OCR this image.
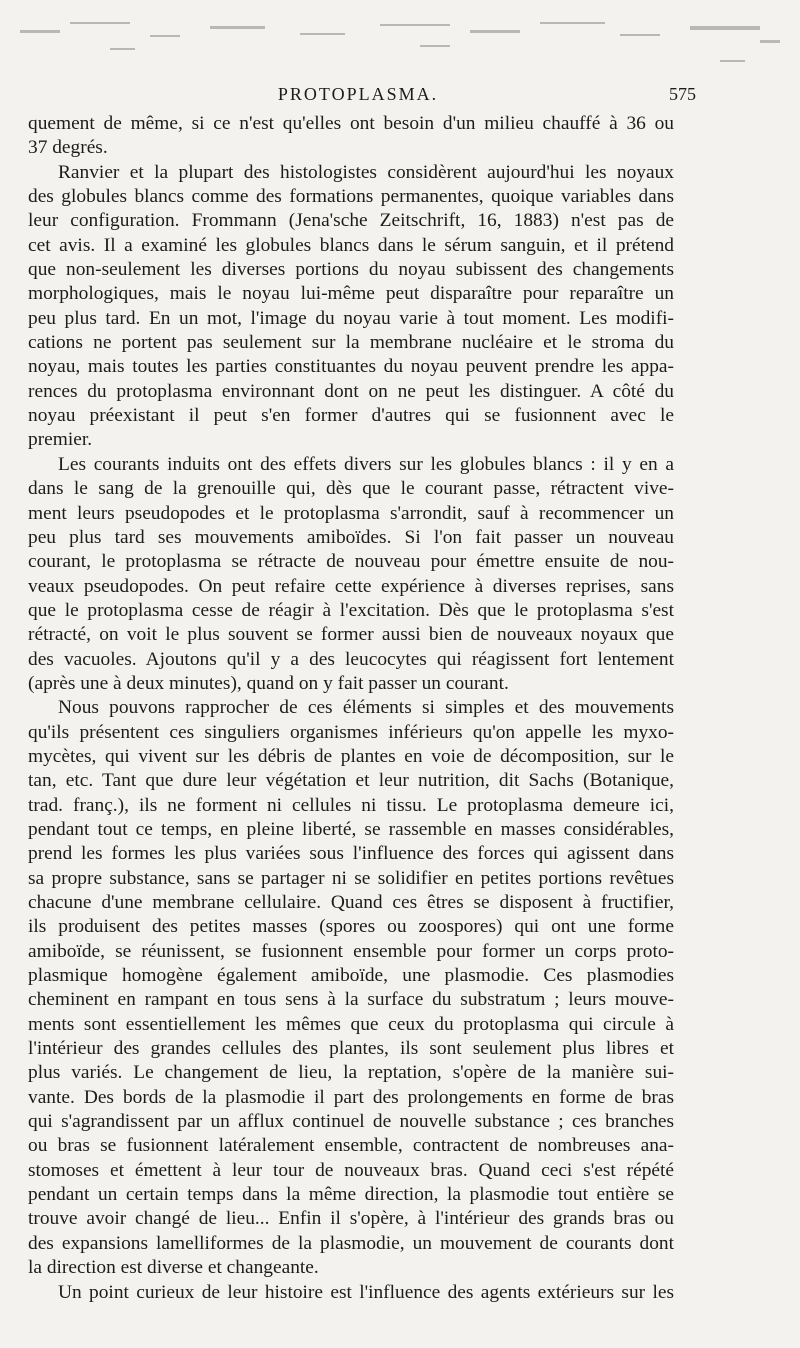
PROTOPLASMA.	575
quement de même, si ce n'est qu'elles ont besoin d'un milieu chauffé à 36 ou
37 degrés.
Ranvier et la plupart des histologistes considèrent aujourd'hui les noyaux
des globules blancs comme des formations permanentes, quoique variables dans
leur configuration. Frommann (Jena'sche Zeitschrift, 16, 1883) n'est pas de
cet avis. Il a examiné les globules blancs dans le sérum sanguin, et il prétend
que non-seulement les diverses portions du noyau subissent des changements
morphologiques, mais le noyau lui-même peut disparaître pour reparaître un
peu plus tard. En un mot, l'image du noyau varie à tout moment. Les modifi-
cations ne portent pas seulement sur la membrane nucléaire et le stroma du
noyau, mais toutes les parties constituantes du noyau peuvent prendre les appa-
rences du protoplasma environnant dont on ne peut les distinguer. A côté du
noyau préexistant il peut s'en former d'autres qui se fusionnent avec le
premier.
Les courants induits ont des effets divers sur les globules blancs : il y en a
dans le sang de la grenouille qui, dès que le courant passe, rétractent vive-
ment leurs pseudopodes et le protoplasma s'arrondit, sauf à recommencer un
peu plus tard ses mouvements amiboïdes. Si l'on fait passer un nouveau
courant, le protoplasma se rétracte de nouveau pour émettre ensuite de nou-
veaux pseudopodes. On peut refaire cette expérience à diverses reprises, sans
que le protoplasma cesse de réagir à l'excitation. Dès que le protoplasma s'est
rétracté, on voit le plus souvent se former aussi bien de nouveaux noyaux que
des vacuoles. Ajoutons qu'il y a des leucocytes qui réagissent fort lentement
(après une à deux minutes), quand on y fait passer un courant.
Nous pouvons rapprocher de ces éléments si simples et des mouvements
qu'ils présentent ces singuliers organismes inférieurs qu'on appelle les myxo-
mycètes, qui vivent sur les débris de plantes en voie de décomposition, sur le
tan, etc. Tant que dure leur végétation et leur nutrition, dit Sachs (Botanique,
trad. franç.), ils ne forment ni cellules ni tissu. Le protoplasma demeure ici,
pendant tout ce temps, en pleine liberté, se rassemble en masses considérables,
prend les formes les plus variées sous l'influence des forces qui agissent dans
sa propre substance, sans se partager ni se solidifier en petites portions revêtues
chacune d'une membrane cellulaire. Quand ces êtres se disposent à fructifier,
ils produisent des petites masses (spores ou zoospores) qui ont une forme
amiboïde, se réunissent, se fusionnent ensemble pour former un corps proto-
plasmique homogène également amiboïde, une plasmodie. Ces plasmodies
cheminent en rampant en tous sens à la surface du substratum ; leurs mouve-
ments sont essentiellement les mêmes que ceux du protoplasma qui circule à
l'intérieur des grandes cellules des plantes, ils sont seulement plus libres et
plus variés. Le changement de lieu, la reptation, s'opère de la manière sui-
vante. Des bords de la plasmodie il part des prolongements en forme de bras
qui s'agrandissent par un afflux continuel de nouvelle substance ; ces branches
ou bras se fusionnent latéralement ensemble, contractent de nombreuses ana-
stomoses et émettent à leur tour de nouveaux bras. Quand ceci s'est répété
pendant un certain temps dans la même direction, la plasmodie tout entière se
trouve avoir changé de lieu... Enfin il s'opère, à l'intérieur des grands bras ou
des expansions lamelliformes de la plasmodie, un mouvement de courants dont
la direction est diverse et changeante.
Un point curieux de leur histoire est l'influence des agents extérieurs sur les
